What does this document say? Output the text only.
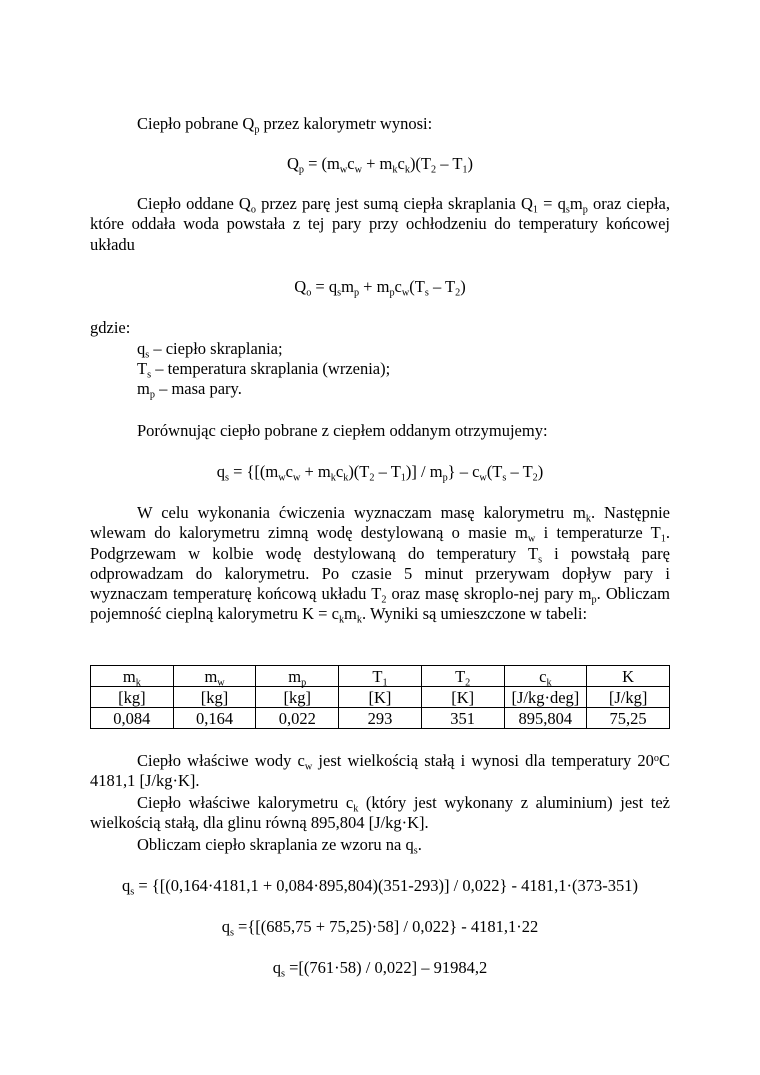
Ciepło pobrane $Q_p$ przez kalorymetr wynosi:
$Q_p = (m_wc_w + m_kc_k)(T_2 - T_1)$
Ciepło oddane $Q_o$ przez parę jest sumą ciepła skraplania $Q_1 = q_sm_p$ oraz ciepła, które oddała woda powstała z tej pary przy ochłodzeniu do temperatury końcowej układu
$Q_o = q_sm_p + m_pc_w(T_s - T_2)$
gdzie:
$q_s$ – ciepło skraplania;
$T_s$ – temperatura skraplania (wrzenia);
$m_p$ – masa pary.
Porównując ciepło pobrane z ciepłem oddanym otrzymujemy:
$q_s = \{[(m_wc_w + m_kc_k)(T_2 - T_1)] / m_p\} - c_w(T_s - T_2)$
W celu wykonania ćwiczenia wyznaczam masę kalorymetru $m_k$. Następnie wlewam do kalorymetru zimną wodę destylowaną o masie $m_w$ i temperaturze $T_1$. Podgrzewam w kolbie wodę destylowaną do temperatury $T_s$ i powstałą parę odprowadzam do kalorymetru. Po czasie 5 minut przerywam dopływ pary i wyznaczam temperaturę końcową układu $T_2$ oraz masę skroplo-nej pary $m_p$. Obliczam pojemność cieplną kalorymetru $K = c_km_k$. Wyniki są umieszczone w tabeli:
$m_k$	$m_w$	$m_p$	$T_1$	$T_2$	$c_k$	K
[kg]	[kg]	[kg]	[K]	[K]	[J/kg·deg]	[J/kg]
0,084	0,164	0,022	293	351	895,804	75,25
Ciepło właściwe wody $c_w$ jest wielkością stałą i wynosi dla temperatury 20$^o$C 4181,1 [J/kg·K].
Ciepło właściwe kalorymetru $c_k$ (który jest wykonany z aluminium) jest też wielkością stałą, dla glinu równą 895,804 [J/kg·K].
Obliczam ciepło skraplania ze wzoru na $q_s$.
$q_s = \{[(0,164\cdot 4181,1 + 0,084\cdot 895,804)(351-293)] / 0,022\} - 4181,1\cdot(373-351)$
$q_s =\{[(685,75 + 75,25)\cdot 58] / 0,022\} - 4181,1\cdot 22$
$q_s =[(761\cdot 58) / 0,022] - 91984,2$
